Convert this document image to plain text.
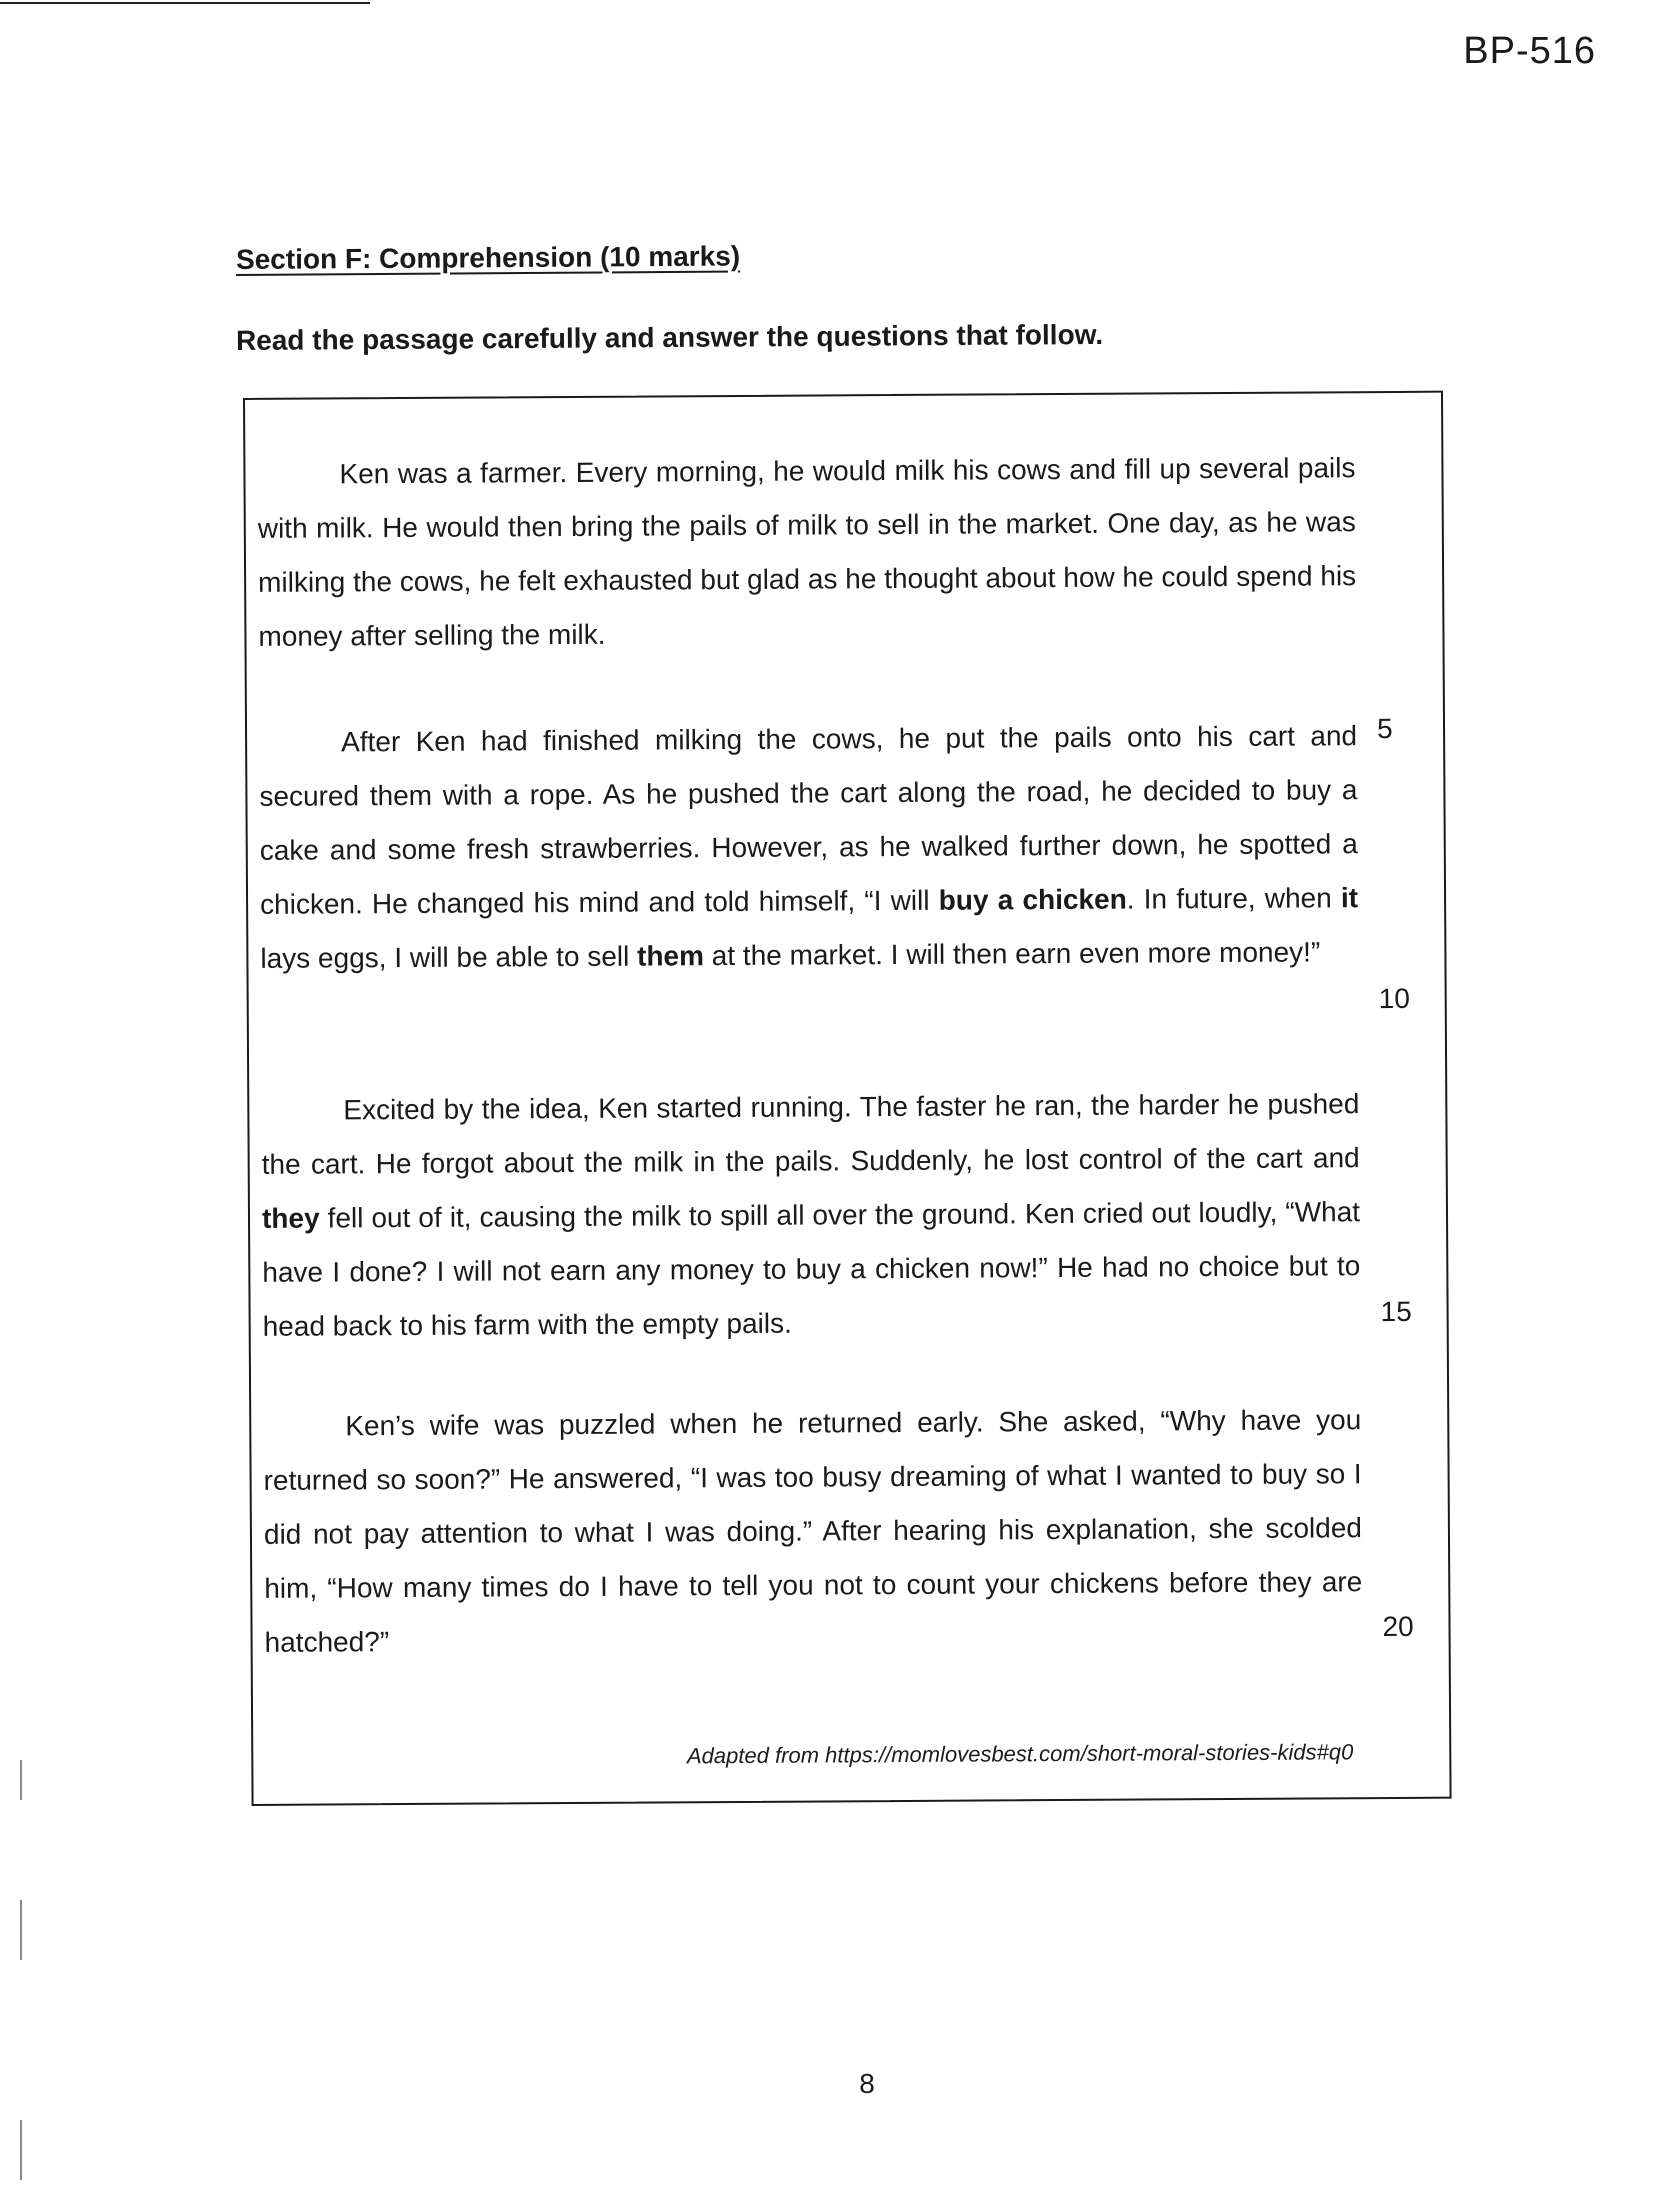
BP-516
Section F: Comprehension (10 marks)
Read the passage carefully and answer the questions that follow.

Ken was a farmer. Every morning, he would milk his cows and fill up several pails with milk. He would then bring the pails of milk to sell in the market. One day, as he was milking the cows, he felt exhausted but glad as he thought about how he could spend his money after selling the milk.

After Ken had finished milking the cows, he put the pails onto his cart and secured them with a rope. As he pushed the cart along the road, he decided to buy a cake and some fresh strawberries. However, as he walked further down, he spotted a chicken. He changed his mind and told himself, “I will buy a chicken. In future, when it lays eggs, I will be able to sell them at the market. I will then earn even more money!”

Excited by the idea, Ken started running. The faster he ran, the harder he pushed the cart. He forgot about the milk in the pails. Suddenly, he lost control of the cart and they fell out of it, causing the milk to spill all over the ground. Ken cried out loudly, “What have I done? I will not earn any money to buy a chicken now!” He had no choice but to head back to his farm with the empty pails.

Ken’s wife was puzzled when he returned early. She asked, “Why have you returned so soon?” He answered, “I was too busy dreaming of what I wanted to buy so I did not pay attention to what I was doing.” After hearing his explanation, she scolded him, “How many times do I have to tell you not to count your chickens before they are hatched?”

5
10
15
20
Adapted from https://momlovesbest.com/short-moral-stories-kids#q0
8
